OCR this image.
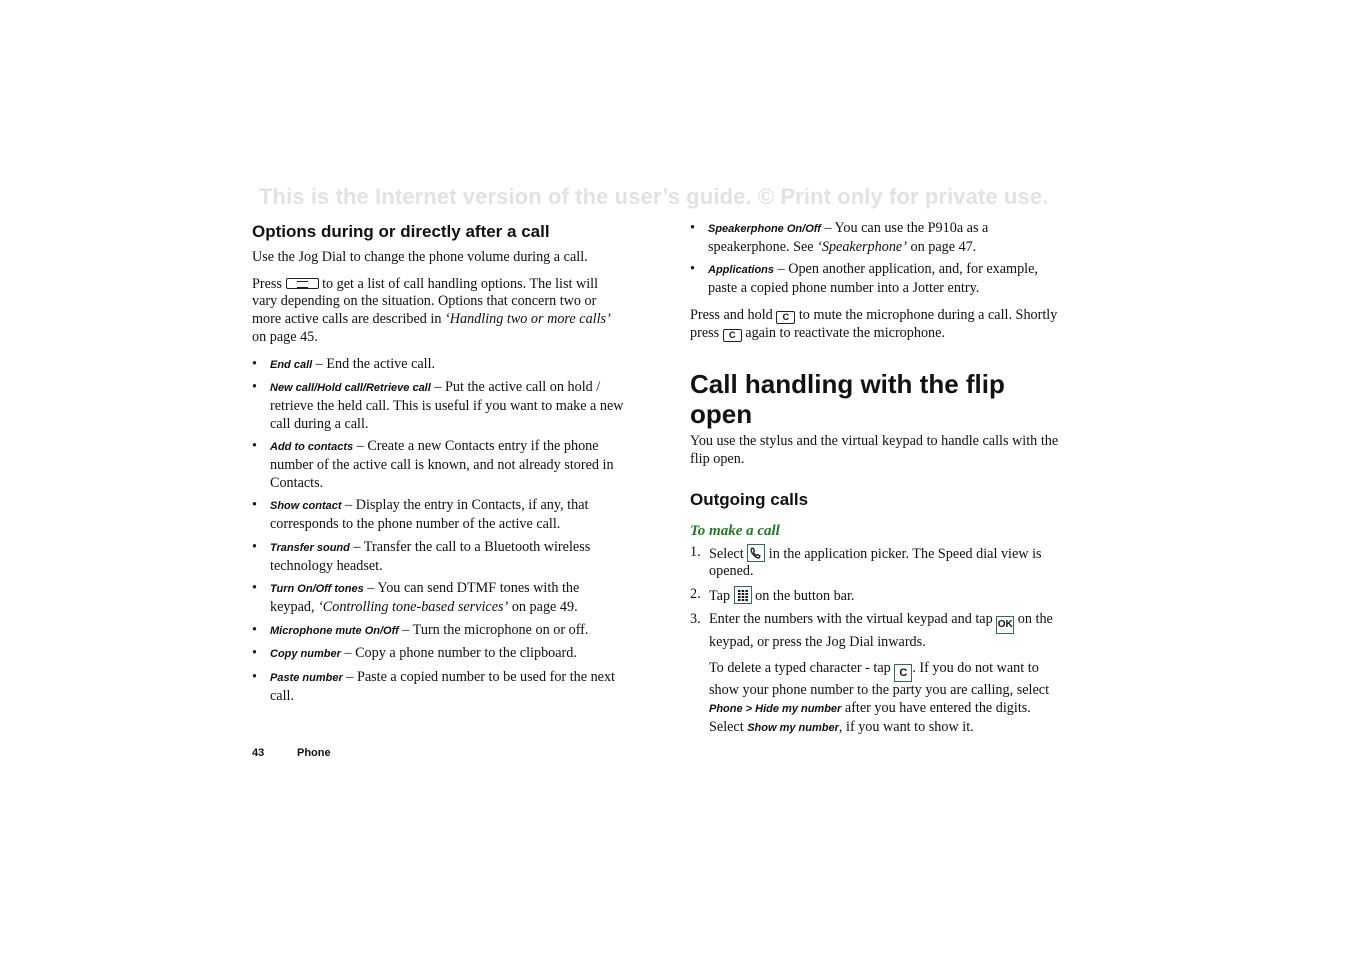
This is the Internet version of the user’s guide. © Print only for private use.
Options during or directly after a call

Use the Jog Dial to change the phone volume during a call.

Press	to get a list of call handling options. The list will vary depending on the situation. Options that concern two or more active calls are described in ‘Handling two or more calls’ on page 45.

• End call – End the active call.
• New call/Hold call/Retrieve call – Put the active call on hold / retrieve the held call. This is useful if you want to make a new call during a call.
• Add to contacts – Create a new Contacts entry if the phone number of the active call is known, and not already stored in Contacts.
• Show contact – Display the entry in Contacts, if any, that corresponds to the phone number of the active call.
• Transfer sound – Transfer the call to a Bluetooth wireless technology headset.
• Turn On/Off tones – You can send DTMF tones with the keypad, ‘Controlling tone-based services’ on page 49.
• Microphone mute On/Off – Turn the microphone on or off.
• Copy number – Copy a phone number to the clipboard.
• Paste number – Paste a copied number to be used for the next call.
• Speakerphone On/Off – You can use the P910a as a speakerphone. See ‘Speakerphone’ on page 47.
• Applications – Open another application, and, for example, paste a copied phone number into a Jotter entry.

Press and hold C to mute the microphone during a call. Shortly press C again to reactivate the microphone.

Call handling with the flip open

You use the stylus and the virtual keypad to handle calls with the flip open.

Outgoing calls
To make a call
1. Select in the application picker. The Speed dial view is opened.
2. Tap on the button bar.
3. Enter the numbers with the virtual keypad and tap OK on the keypad, or press the Jog Dial inwards.

To delete a typed character - tap C . If you do not want to show your phone number to the party you are calling, select Phone > Hide my number after you have entered the digits. Select Show my number, if you want to show it.

43	Phone
